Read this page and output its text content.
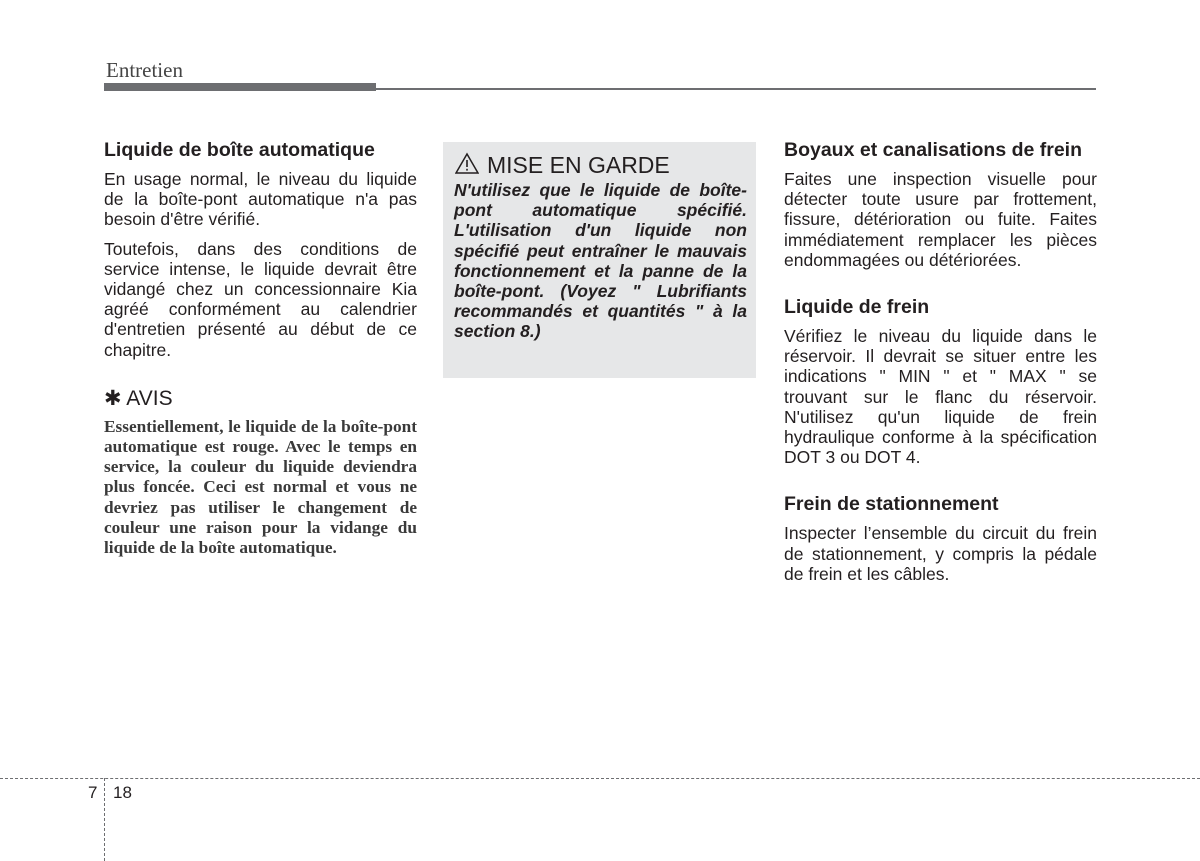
Entretien
Liquide de boîte automatique

En usage normal, le niveau du liquide de la boîte-pont automatique n'a pas besoin d'être vérifié.

Toutefois, dans des conditions de service intense, le liquide devrait être vidangé chez un concessionnaire Kia agréé conformément au calendrier d'entretien présenté au début de ce chapitre.

✱ AVIS

Essentiellement, le liquide de la boîte-pont automatique est rouge. Avec le temps en service, la couleur du liquide deviendra plus foncée. Ceci est normal et vous ne devriez pas utiliser le changement de couleur une raison pour la vidange du liquide de la boîte automatique.

MISE EN GARDE

N'utilisez que le liquide de boîte-pont automatique spécifié. L'utilisation d'un liquide non spécifié peut entraîner le mauvais fonctionnement et la panne de la boîte-pont. (Voyez " Lubrifiants recommandés et quantités " à la section 8.)

Boyaux et canalisations de frein

Faites une inspection visuelle pour détecter toute usure par frottement, fissure, détérioration ou fuite. Faites immédiatement remplacer les pièces endommagées ou détériorées.

Liquide de frein

Vérifiez le niveau du liquide dans le réservoir. Il devrait se situer entre les indications " MIN " et " MAX " se trouvant sur le flanc du réservoir. N'utilisez qu'un liquide de frein hydraulique conforme à la spécification DOT 3 ou DOT 4.

Frein de stationnement

Inspecter l’ensemble du circuit du frein de stationnement, y compris la pédale de frein et les câbles.

7 18
